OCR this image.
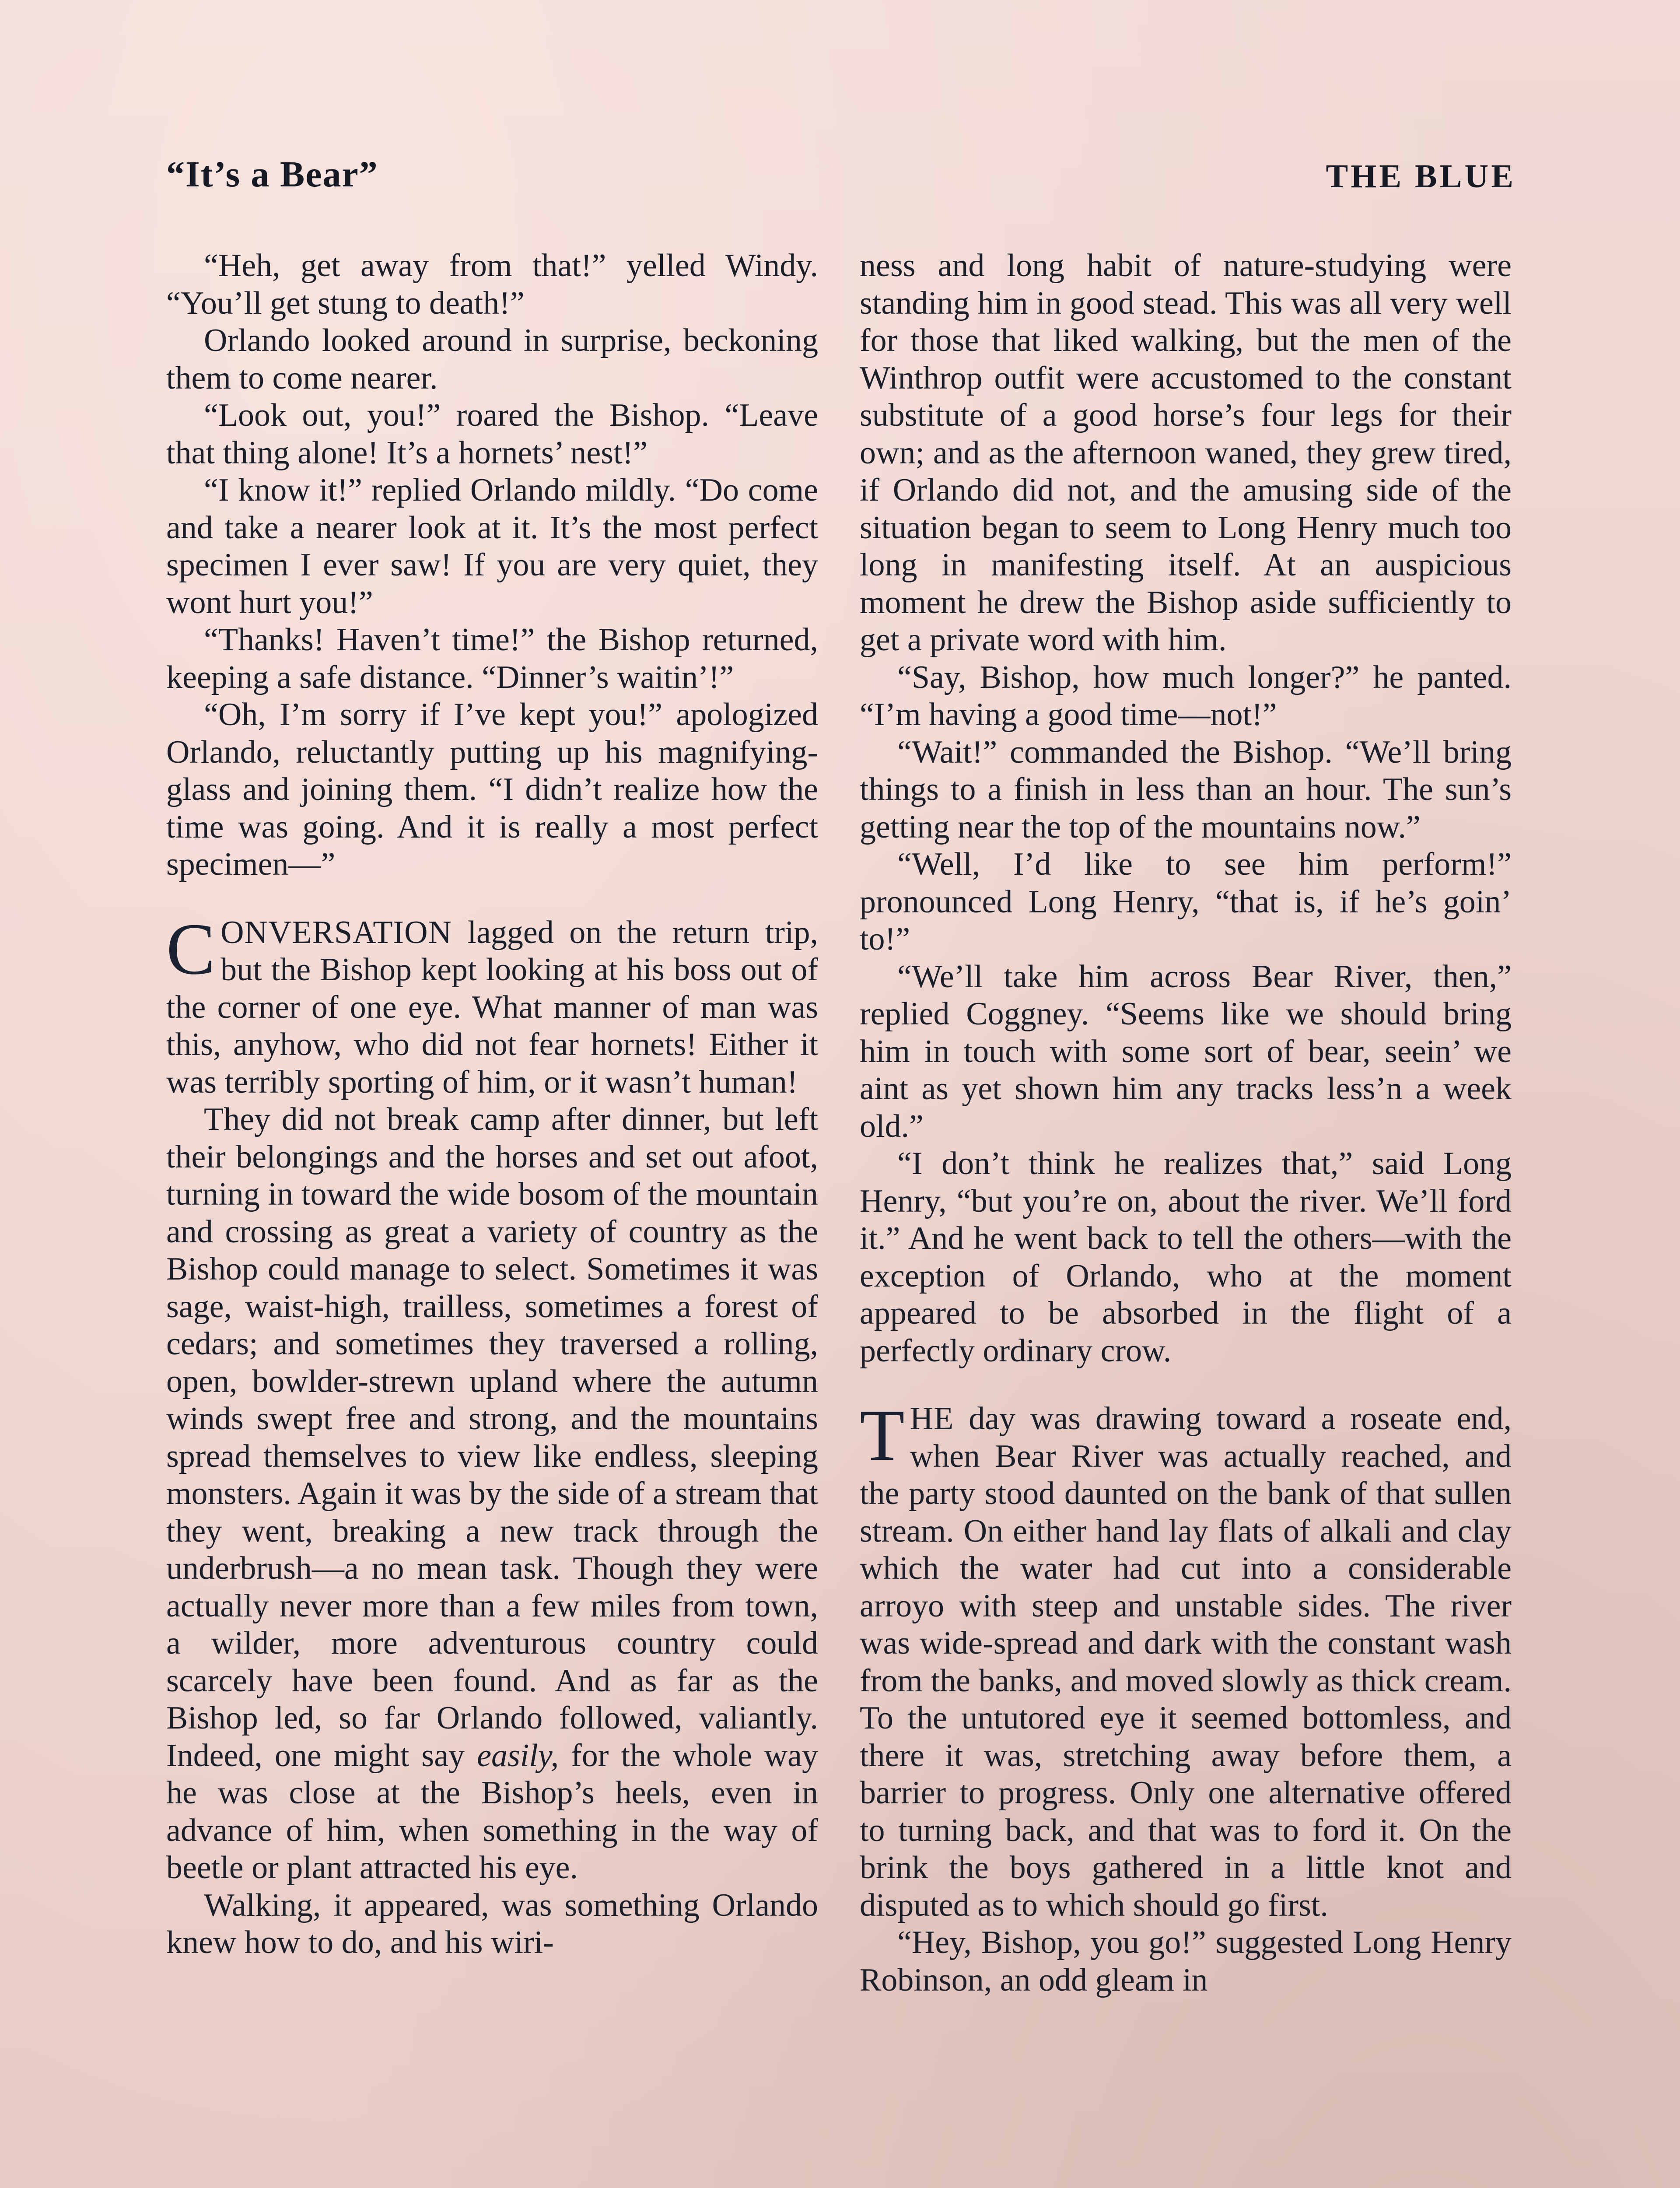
“It’s a Bear”	THE BLUE

“Heh, get away from that!” yelled Windy. “You’ll get stung to death!”

Orlando looked around in surprise, beckoning them to come nearer.

“Look out, you!” roared the Bishop. “Leave that thing alone! It’s a hornets’ nest!”

“I know it!” replied Orlando mildly. “Do come and take a nearer look at it. It’s the most perfect specimen I ever saw! If you are very quiet, they wont hurt you!”

“Thanks! Haven’t time!” the Bishop returned, keeping a safe distance. “Dinner’s waitin’!”

“Oh, I’m sorry if I’ve kept you!” apologized Orlando, reluctantly putting up his magnifying-glass and joining them. “I didn’t realize how the time was going. And it is really a most perfect specimen—”

CONVERSATION lagged on the return trip, but the Bishop kept looking at his boss out of the corner of one eye. What manner of man was this, anyhow, who did not fear hornets! Either it was terribly sporting of him, or it wasn’t human!

They did not break camp after dinner, but left their belongings and the horses and set out afoot, turning in toward the wide bosom of the mountain and crossing as great a variety of country as the Bishop could manage to select. Sometimes it was sage, waist-high, trailless, sometimes a forest of cedars; and sometimes they traversed a rolling, open, bowlder-strewn upland where the autumn winds swept free and strong, and the mountains spread themselves to view like endless, sleeping monsters. Again it was by the side of a stream that they went, breaking a new track through the underbrush—a no mean task. Though they were actually never more than a few miles from town, a wilder, more adventurous country could scarcely have been found. And as far as the Bishop led, so far Orlando followed, valiantly. Indeed, one might say easily, for the whole way he was close at the Bishop’s heels, even in advance of him, when something in the way of beetle or plant attracted his eye.

Walking, it appeared, was something Orlando knew how to do, and his wiri-

ness and long habit of nature-studying were standing him in good stead. This was all very well for those that liked walking, but the men of the Winthrop outfit were accustomed to the constant substitute of a good horse’s four legs for their own; and as the afternoon waned, they grew tired, if Orlando did not, and the amusing side of the situation began to seem to Long Henry much too long in manifesting itself. At an auspicious moment he drew the Bishop aside sufficiently to get a private word with him.

“Say, Bishop, how much longer?” he panted. “I’m having a good time—not!”

“Wait!” commanded the Bishop. “We’ll bring things to a finish in less than an hour. The sun’s getting near the top of the mountains now.”

“Well, I’d like to see him perform!” pronounced Long Henry, “that is, if he’s goin’ to!”

“We’ll take him across Bear River, then,” replied Coggney. “Seems like we should bring him in touch with some sort of bear, seein’ we aint as yet shown him any tracks less’n a week old.”

“I don’t think he realizes that,” said Long Henry, “but you’re on, about the river. We’ll ford it.” And he went back to tell the others—with the exception of Orlando, who at the moment appeared to be absorbed in the flight of a perfectly ordinary crow.

THE day was drawing toward a roseate end, when Bear River was actually reached, and the party stood daunted on the bank of that sullen stream. On either hand lay flats of alkali and clay which the water had cut into a considerable arroyo with steep and unstable sides. The river was wide-spread and dark with the constant wash from the banks, and moved slowly as thick cream. To the untutored eye it seemed bottomless, and there it was, stretching away before them, a barrier to progress. Only one alternative offered to turning back, and that was to ford it. On the brink the boys gathered in a little knot and disputed as to which should go first.

“Hey, Bishop, you go!” suggested Long Henry Robinson, an odd gleam in
